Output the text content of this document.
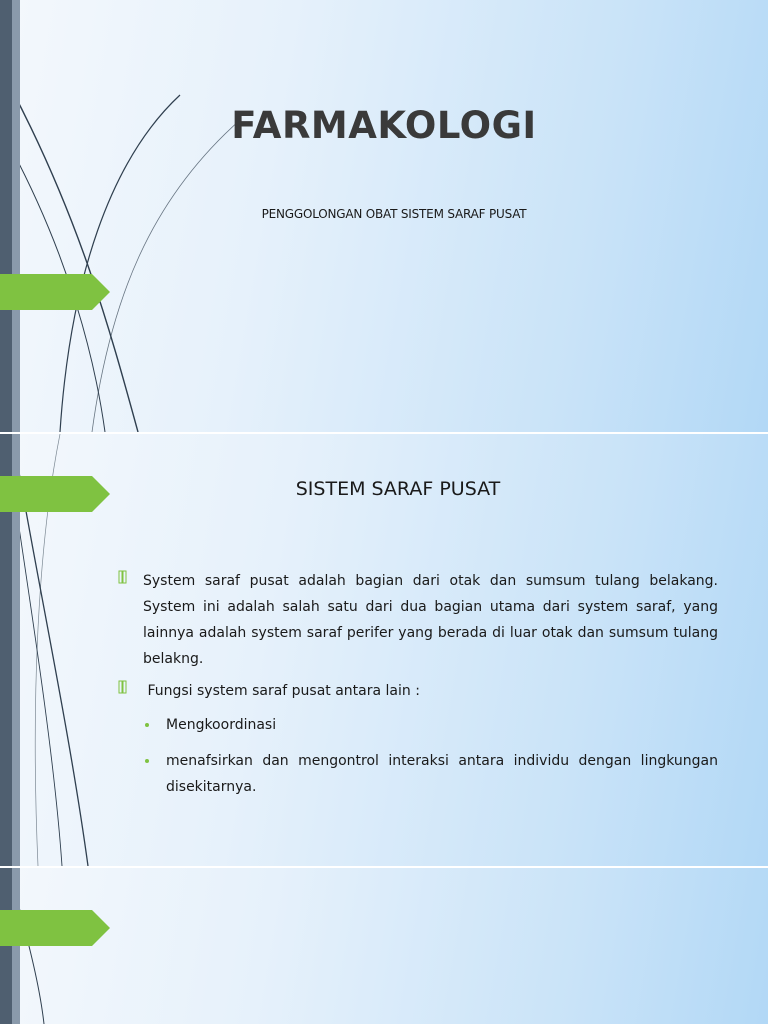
FARMAKOLOGI
PENGGOLONGAN OBAT SISTEM SARAF PUSAT
SISTEM SARAF PUSAT
System saraf pusat adalah bagian dari otak dan sumsum tulang belakang. System ini adalah salah satu dari dua bagian utama dari system saraf, yang lainnya adalah system saraf perifer yang berada di luar otak dan sumsum tulang belakng.
Fungsi system saraf pusat antara lain :
Mengkoordinasi
menafsirkan dan mengontrol interaksi antara individu dengan lingkungan disekitarnya.
